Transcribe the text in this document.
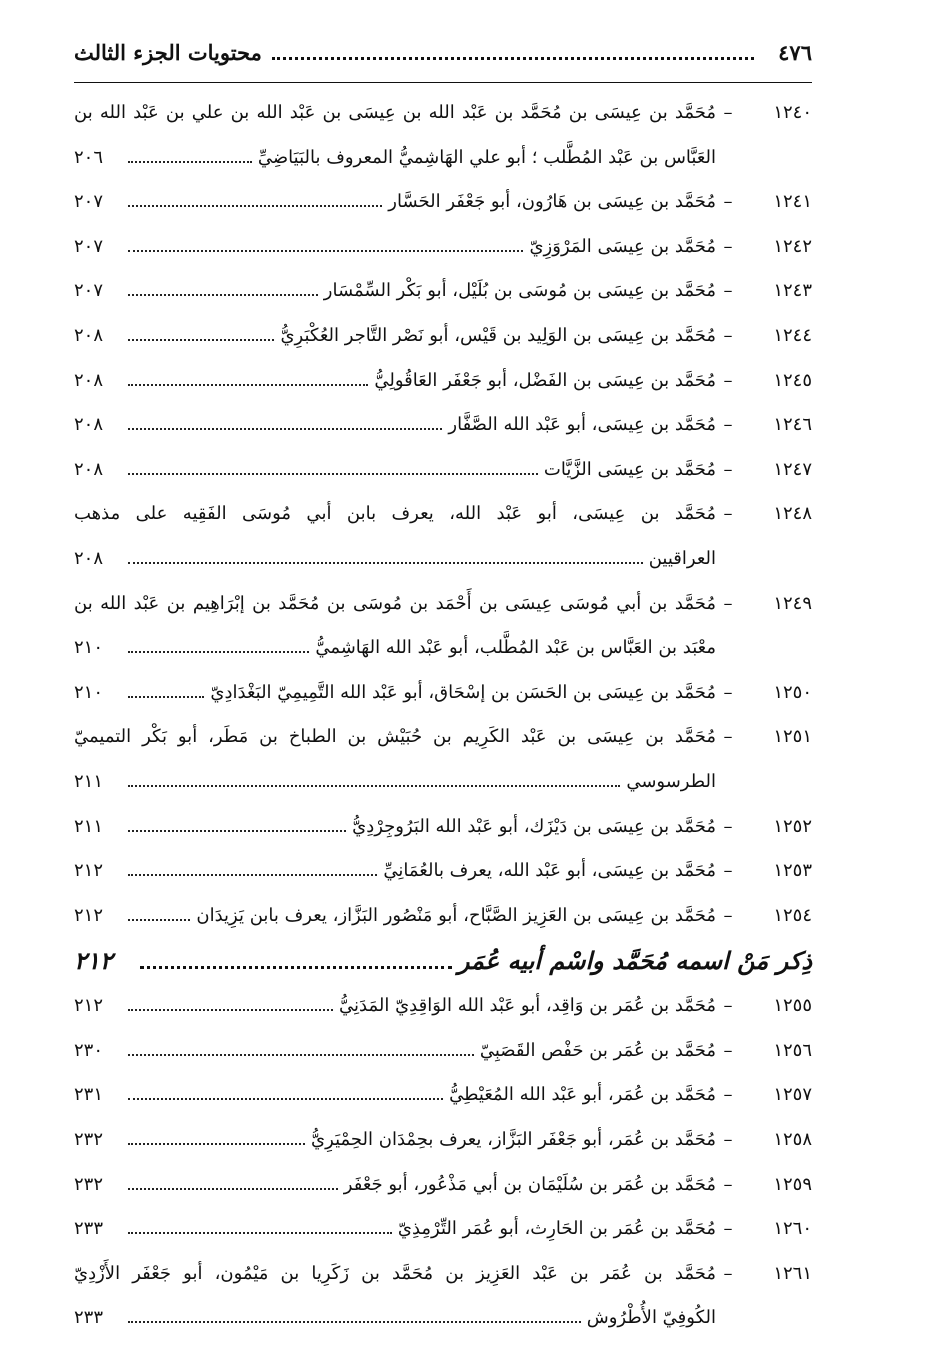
٤٧٦
محتويات الجزء الثالث
١٢٤٠
–
مُحَمَّد بن عِيسَى بن مُحَمَّد بن عَبْد الله بن عِيسَى بن عَبْد الله بن علي بن عَبْد الله بن
العَبَّاس بن عَبْد المُطَّلب ؛ أبو علي الهَاشِميُّ المعروف بالبَيَاضِيِّ
٢٠٦
١٢٤١
–
مُحَمَّد بن عِيسَى بن هَارُون، أبو جَعْفَر الحَسَّار
٢٠٧
١٢٤٢
–
مُحَمَّد بن عِيسَى المَرْوَزِيّ
٢٠٧
١٢٤٣
–
مُحَمَّد بن عِيسَى بن مُوسَى بن بُلَيْل، أبو بَكْر السِّمْسَار
٢٠٧
١٢٤٤
–
مُحَمَّد بن عِيسَى بن الوَلِيد بن قَيْس، أبو نَصْر التَّاجر العُكْبَرِيُّ
٢٠٨
١٢٤٥
–
مُحَمَّد بن عِيسَى بن الفَضْل، أبو جَعْفَر العَاقُولِيُّ
٢٠٨
١٢٤٦
–
مُحَمَّد بن عِيسَى، أبو عَبْد الله الصَّفَّار
٢٠٨
١٢٤٧
–
مُحَمَّد بن عِيسَى الزَّيَّات
٢٠٨
١٢٤٨
–
مُحَمَّد بن عِيسَى، أبو عَبْد الله، يعرف بابن أبي مُوسَى الفَقِيه على مذهب
العراقيين
٢٠٨
١٢٤٩
–
مُحَمَّد بن أبي مُوسَى عِيسَى بن أَحْمَد بن مُوسَى بن مُحَمَّد بن إبْرَاهِيم بن عَبْد الله بن
معْبَد بن العَبَّاس بن عَبْد المُطَّلب، أبو عَبْد الله الهَاشِميُّ
٢١٠
١٢٥٠
–
مُحَمَّد بن عِيسَى بن الحَسَن بن إسْحَاق، أبو عَبْد الله التَّمِيمِيّ البَغْدَادِيّ
٢١٠
١٢٥١
–
مُحَمَّد بن عِيسَى بن عَبْد الكَرِيم بن حُبَيْش بن الطباخ بن مَطَر، أبو بَكْر التميميّ
الطرسوسي
٢١١
١٢٥٢
–
مُحَمَّد بن عِيسَى بن دَيْزَك، أبو عَبْد الله البَرُوجِرْدِيُّ
٢١١
١٢٥٣
–
مُحَمَّد بن عِيسَى، أبو عَبْد الله، يعرف بالعُمَانِيِّ
٢١٢
١٢٥٤
–
مُحَمَّد بن عِيسَى بن العَزِيز الصَّبَّاح، أبو مَنْصُور البَزَّاز، يعرف بابن يَزِيدَان
٢١٢
ذِكر مَنْ اسمه مُحَمَّد واسْم أبيه عُمَر
٢١٢
١٢٥٥
–
مُحَمَّد بن عُمَر بن وَاقِد، أبو عَبْد الله الوَاقِدِيّ المَدَنِيُّ
٢١٢
١٢٥٦
–
مُحَمَّد بن عُمَر بن حَفْص القَصَبِيّ
٢٣٠
١٢٥٧
–
مُحَمَّد بن عُمَر، أبو عَبْد الله المُعَيْطِيُّ
٢٣١
١٢٥٨
–
مُحَمَّد بن عُمَر، أبو جَعْفَر البَزَّاز، يعرف بحِمْدَان الحِمْيَرِيُّ
٢٣٢
١٢٥٩
–
مُحَمَّد بن عُمَر بن سُلَيْمَان بن أبي مَذْعُور، أبو جَعْفَر
٢٣٢
١٢٦٠
–
مُحَمَّد بن عُمَر بن الحَارِث، أبو عُمَر التِّرْمِذِيّ
٢٣٣
١٢٦١
–
مُحَمَّد بن عُمَر بن عَبْد العَزِيز بن مُحَمَّد بن زَكَرِيا بن مَيْمُون، أبو جَعْفَر الأَزْدِيّ
الكُوفِيّ الأُطْرُوش
٢٣٣
